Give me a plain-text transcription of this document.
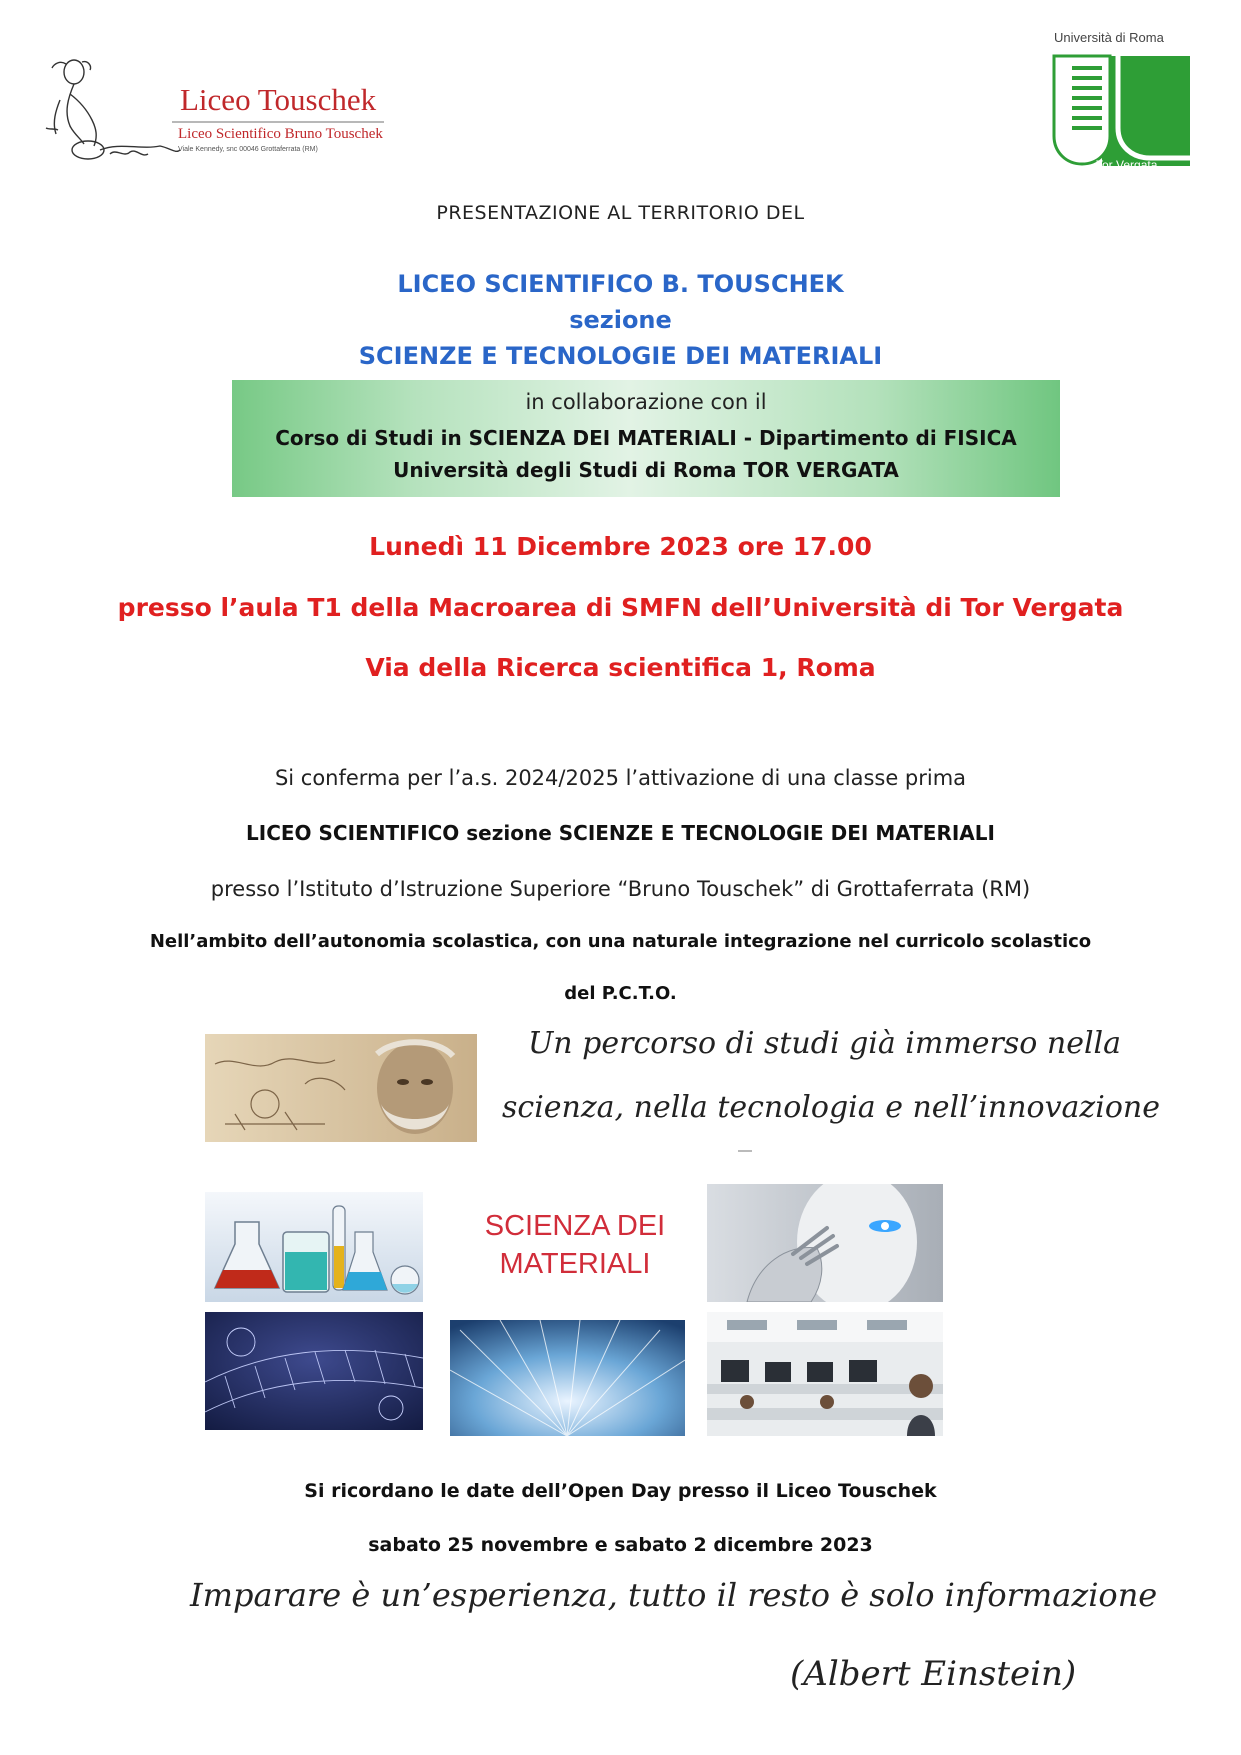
Liceo Touschek
Liceo Scientifico Bruno Touschek
Viale Kennedy, snc 00046 Grottaferrata (RM)
Università di Roma
Tor Vergata
PRESENTAZIONE AL TERRITORIO DEL
LICEO SCIENTIFICO B. TOUSCHEK
sezione
SCIENZE E TECNOLOGIE DEI MATERIALI
in collaborazione con il
Corso di Studi in SCIENZA DEI MATERIALI - Dipartimento di FISICA
Università degli Studi di Roma TOR VERGATA
Lunedì 11 Dicembre 2023 ore 17.00
presso l’aula T1 della Macroarea di SMFN dell’Università di Tor Vergata
Via della Ricerca scientifica 1, Roma
Si conferma per l’a.s. 2024/2025 l’attivazione di una classe prima
LICEO SCIENTIFICO sezione SCIENZE E TECNOLOGIE DEI MATERIALI
presso l’Istituto d’Istruzione Superiore “Bruno Touschek” di Grottaferrata (RM)
Nell’ambito dell’autonomia scolastica, con una naturale integrazione nel curricolo scolastico
del P.C.T.O.
Un percorso di studi già immerso nella
scienza, nella tecnologia e nell’innovazione
SCIENZA DEI
MATERIALI
Si ricordano le date dell’Open Day presso il Liceo Touschek
sabato 25 novembre e sabato 2 dicembre 2023
Imparare è un’esperienza, tutto il resto è solo informazione
(Albert Einstein)
